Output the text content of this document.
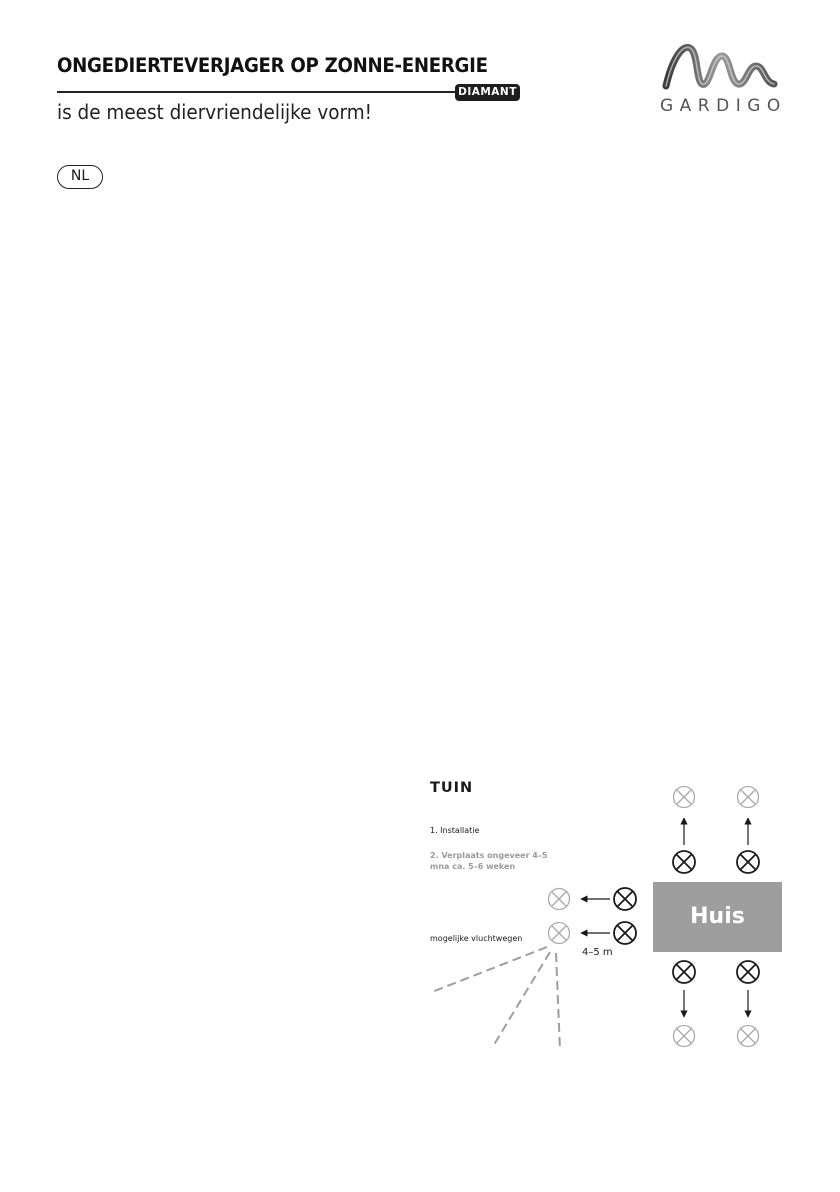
ONGEDIERTEVERJAGER OP ZONNE-ENERGIE
DIAMANT
is de meest diervriendelijke vorm!	GARDIGO
NL
TUIN
1. Installatie
2. Verplaats ongeveer 4–5 mna ca. 5–6 weken
mogelijke vluchtwegen
4–5 m
Huis
